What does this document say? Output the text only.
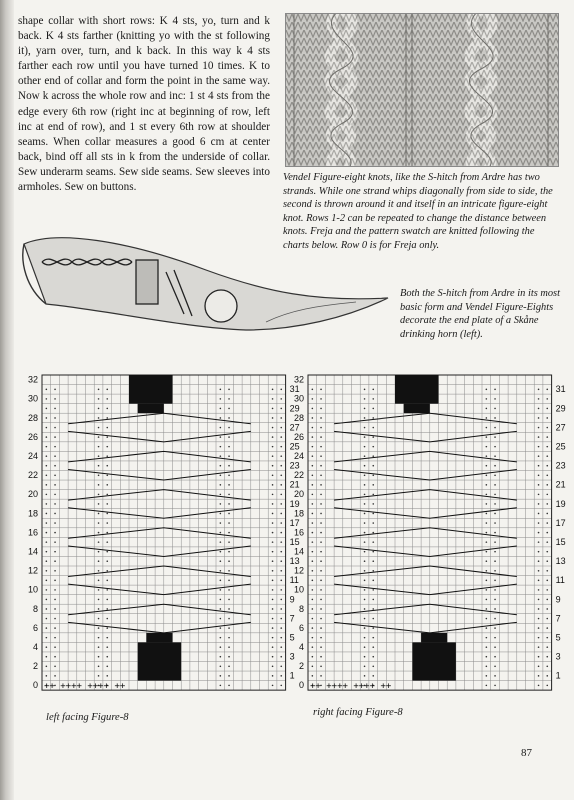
shape collar with short rows: K 4 sts, yo, turn and k back. K 4 sts farther (knitting yo with the st following it), yarn over, turn, and k back. In this way k 4 sts farther each row until you have turned 10 times. K to other end of collar and form the point in the same way. Now k across the whole row and inc: 1 st 4 sts from the edge every 6th row (right inc at beginning of row, left inc at end of row), and 1 st every 6th row at shoulder seams. When collar measures a good 6 cm at center back, bind off all sts in k from the underside of collar. Sew underarm seams. Sew side seams. Sew sleeves into armholes. Sew on buttons.

Vendel Figure-eight knots, like the S-hitch from Ardre has two strands. While one strand whips diagonally from side to side, the second is thrown around it and itself in an intricate figure-eight knot. Rows 1-2 can be repeated to change the distance between knots. Freja and the pattern swatch are knitted following the charts below. Row 0 is for Freja only.

Both the S-hitch from Ardre in its most basic form and Vendel Figure-Eights decorate the end plate of a Skåne drinking horn (left).

32
30
28
26
24
22
20
18
16
14
12
10
8
6
4
2
0
31
29
27
25
23
21
19
17
15
13
11
9
7
5
3
1
++ ++++ ++++ ++
32
30
28
26
24
22
20
18
16
14
12
10
8
6
4
2
0
31
29
27
25
23
21
19
17
15
13
11
9
7
5
3
1
++ ++++ ++++ ++

left facing Figure-8	right facing Figure-8

87
